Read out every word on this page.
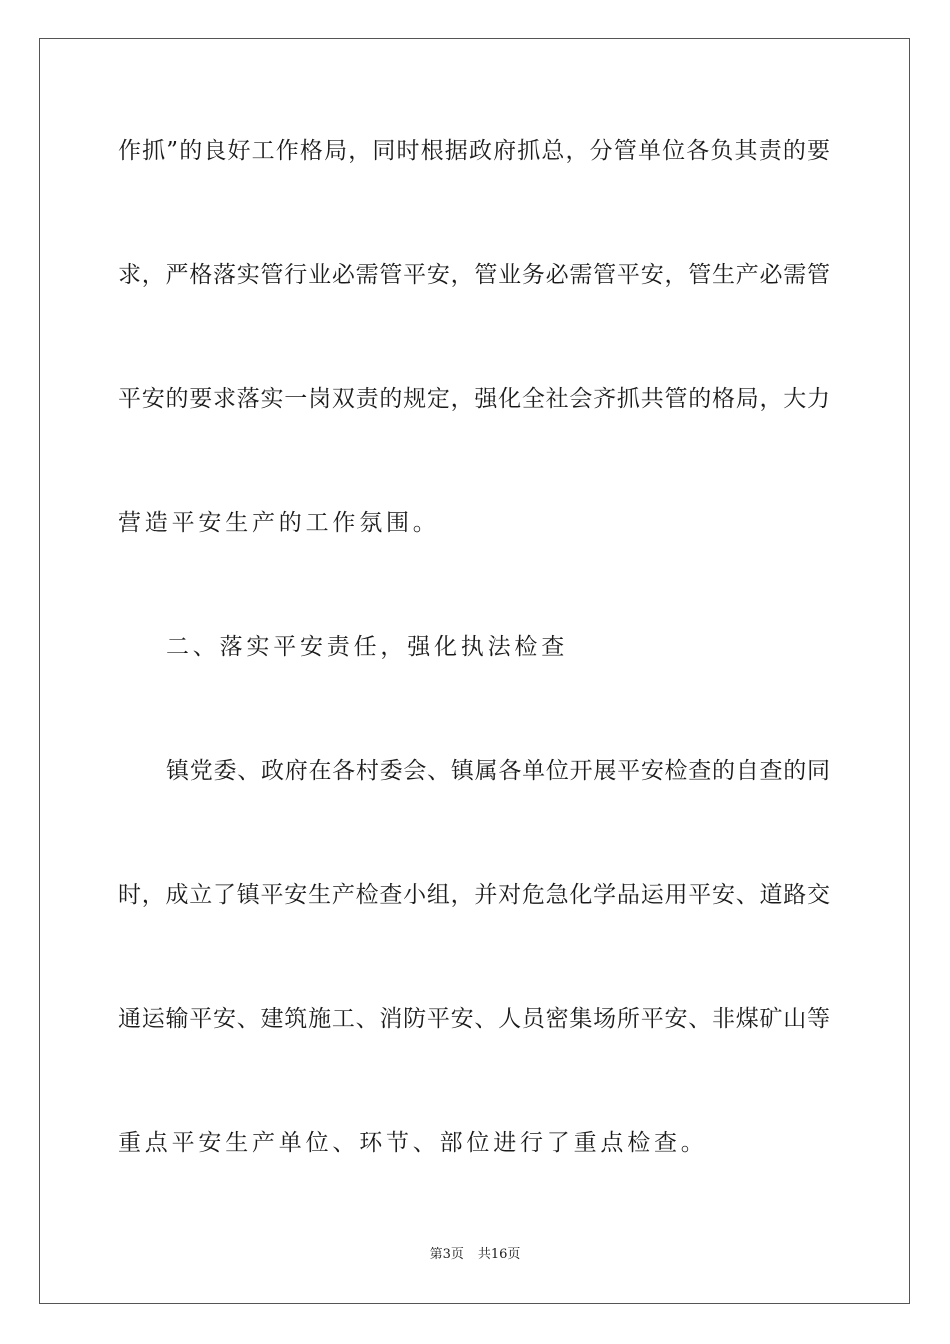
作抓”的良好工作格局，同时根据政府抓总，分管单位各负其责的要
求，严格落实管行业必需管平安，管业务必需管平安，管生产必需管
平安的要求落实一岗双责的规定，强化全社会齐抓共管的格局，大力
营造平安生产的工作氛围。
二、落实平安责任，强化执法检查
镇党委、政府在各村委会、镇属各单位开展平安检查的自查的同
时，成立了镇平安生产检查小组，并对危急化学品运用平安、道路交
通运输平安、建筑施工、消防平安、人员密集场所平安、非煤矿山等
重点平安生产单位、环节、部位进行了重点检查。
第3页 共16页
